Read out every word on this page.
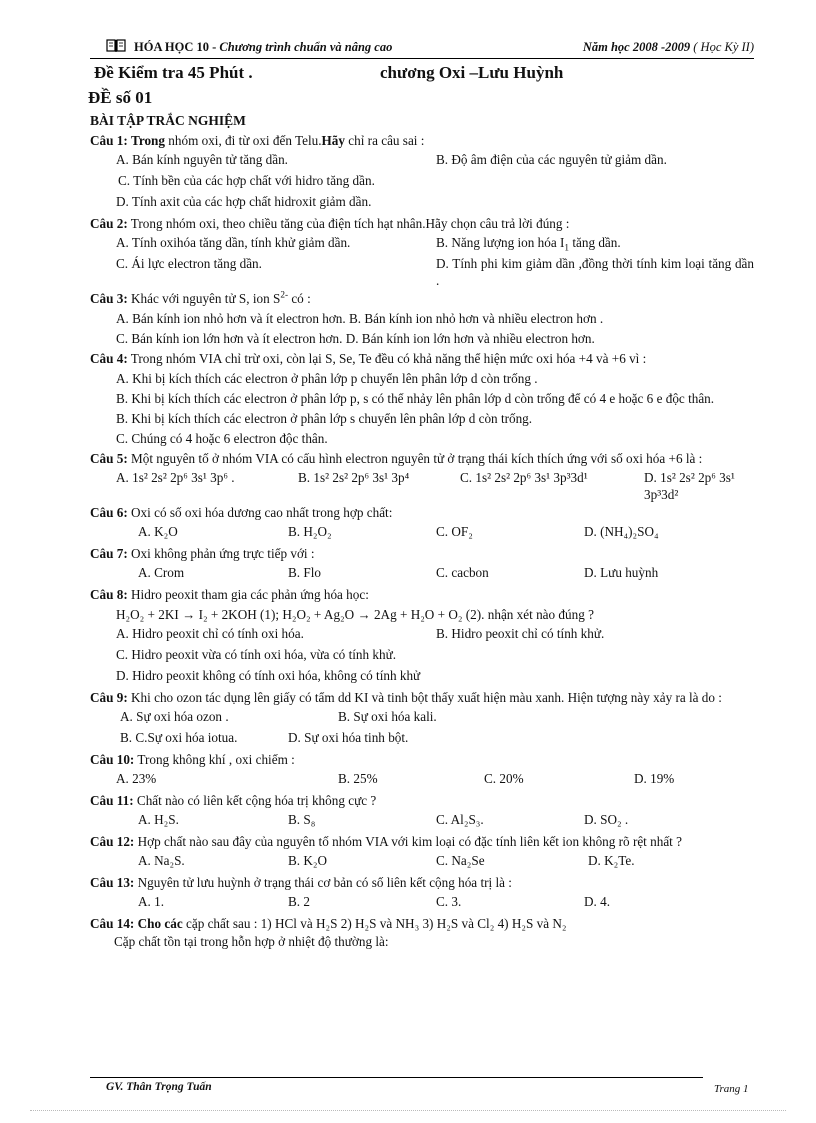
HÓA HỌC 10 - Chương trình chuẩn và nâng cao	Năm học 2008 -2009 ( Học Kỳ II)
Đề Kiểm tra 45 Phút .	chương Oxi –Lưu Huỳnh
ĐỀ số 01
BÀI TẬP TRẮC NGHIỆM
Câu 1: Trong nhóm oxi, đi từ oxi đến Telu.Hãy chỉ ra câu sai :
A. Bán kính nguyên tử tăng dần.	B. Độ âm điện của các nguyên tử giảm dần.
C. Tính bền của các hợp chất với hidro tăng dần.
D. Tính axit của các hợp chất hidroxit giảm dần.
Câu 2: Trong nhóm oxi, theo chiều tăng của điện tích hạt nhân.Hãy chọn câu trả lời đúng :
A. Tính oxihóa tăng dần, tính khử giảm dần.	B. Năng lượng ion hóa $I_1$ tăng dần.
C. Ái lực electron tăng dần.	D. Tính phi kim giảm dần ,đồng thời tính kim loại tăng dần .
Câu 3: Khác với nguyên tử S, ion $S^{2-}$ có :
A. Bán kính ion nhỏ hơn và ít electron hơn. B. Bán kính ion nhỏ hơn và nhiều electron hơn .
C. Bán kính ion lớn hơn và ít electron hơn. D. Bán kính ion lớn hơn và nhiều electron hơn.
Câu 4: Trong nhóm VIA chỉ trừ oxi, còn lại S, Se, Te đều có khả năng thể hiện mức oxi hóa +4 và +6 vì :
A. Khi bị kích thích các electron ở phân lớp p chuyển lên phân lớp d còn trống .
B. Khi bị kích thích các electron ở phân lớp p, s có thể nhảy lên phân lớp d còn trống để có 4 e hoặc 6 e độc thân.
B. Khi bị kích thích các electron ở phân lớp s chuyển lên phân lớp d còn trống.
C. Chúng có 4 hoặc 6 electron độc thân.
Câu 5: Một nguyên tố ở nhóm VIA có cấu hình electron nguyên tử ở trạng thái kích thích ứng với số oxi hóa +6 là :
A. 1s² 2s² 2p⁶ 3s¹ 3p⁶ .	B. 1s² 2s² 2p⁶ 3s¹ 3p⁴	C. 1s² 2s² 2p⁶ 3s¹ 3p³3d¹	D. 1s² 2s² 2p⁶ 3s¹ 3p³3d²
Câu 6: Oxi có số oxi hóa dương cao nhất trong hợp chất:
A. K₂O	B. H₂O₂	C. OF₂	D. (NH₄)₂SO₄
Câu 7: Oxi không phản ứng trực tiếp với :
A. Crom	B. Flo	C. cacbon	D. Lưu huỳnh
Câu 8: Hidro peoxit tham gia các phản ứng hóa học:
H₂O₂ + 2KI → I₂ + 2KOH (1); H₂O₂ + Ag₂O → 2Ag + H₂O + O₂ (2). nhận xét nào đúng ?
A. Hidro peoxit chỉ có tính oxi hóa.	B. Hidro peoxit chỉ có tính khử.
C. Hidro peoxit vừa có tính oxi hóa, vừa có tính khử.
D. Hidro peoxit không có tính oxi hóa, không có tính khử
Câu 9: Khi cho ozon tác dụng lên giấy có tẩm dd KI và tinh bột thấy xuất hiện màu xanh. Hiện tượng này xảy ra là do :
A. Sự oxi hóa ozon .	B. Sự oxi hóa kali.
B. C.Sự oxi hóa iotua.	D. Sự oxi hóa tinh bột.
Câu 10: Trong không khí , oxi chiếm :
A. 23%	B. 25%	C. 20%	D. 19%
Câu 11: Chất nào có liên kết cộng hóa trị không cực ?
A. H₂S.	B. S₈	C. Al₂S₃.	D. SO₂ .
Câu 12: Hợp chất nào sau đây của nguyên tố nhóm VIA với kim loại có đặc tính liên kết ion không rõ rệt nhất ?
A. Na₂S.	B. K₂O	C. Na₂Se	D. K₂Te.
Câu 13: Nguyên tử lưu huỳnh ở trạng thái cơ bản có số liên kết cộng hóa trị là :
A. 1.	B. 2	C. 3.	D. 4.
Câu 14: Cho các cặp chất sau : 1) HCl và H₂S 2) H₂S và NH₃ 3) H₂S và Cl₂ 4) H₂S và N₂
Cặp chất tồn tại trong hỗn hợp ở nhiệt độ thường là:
GV. Thân Trọng Tuấn	Trang 1
